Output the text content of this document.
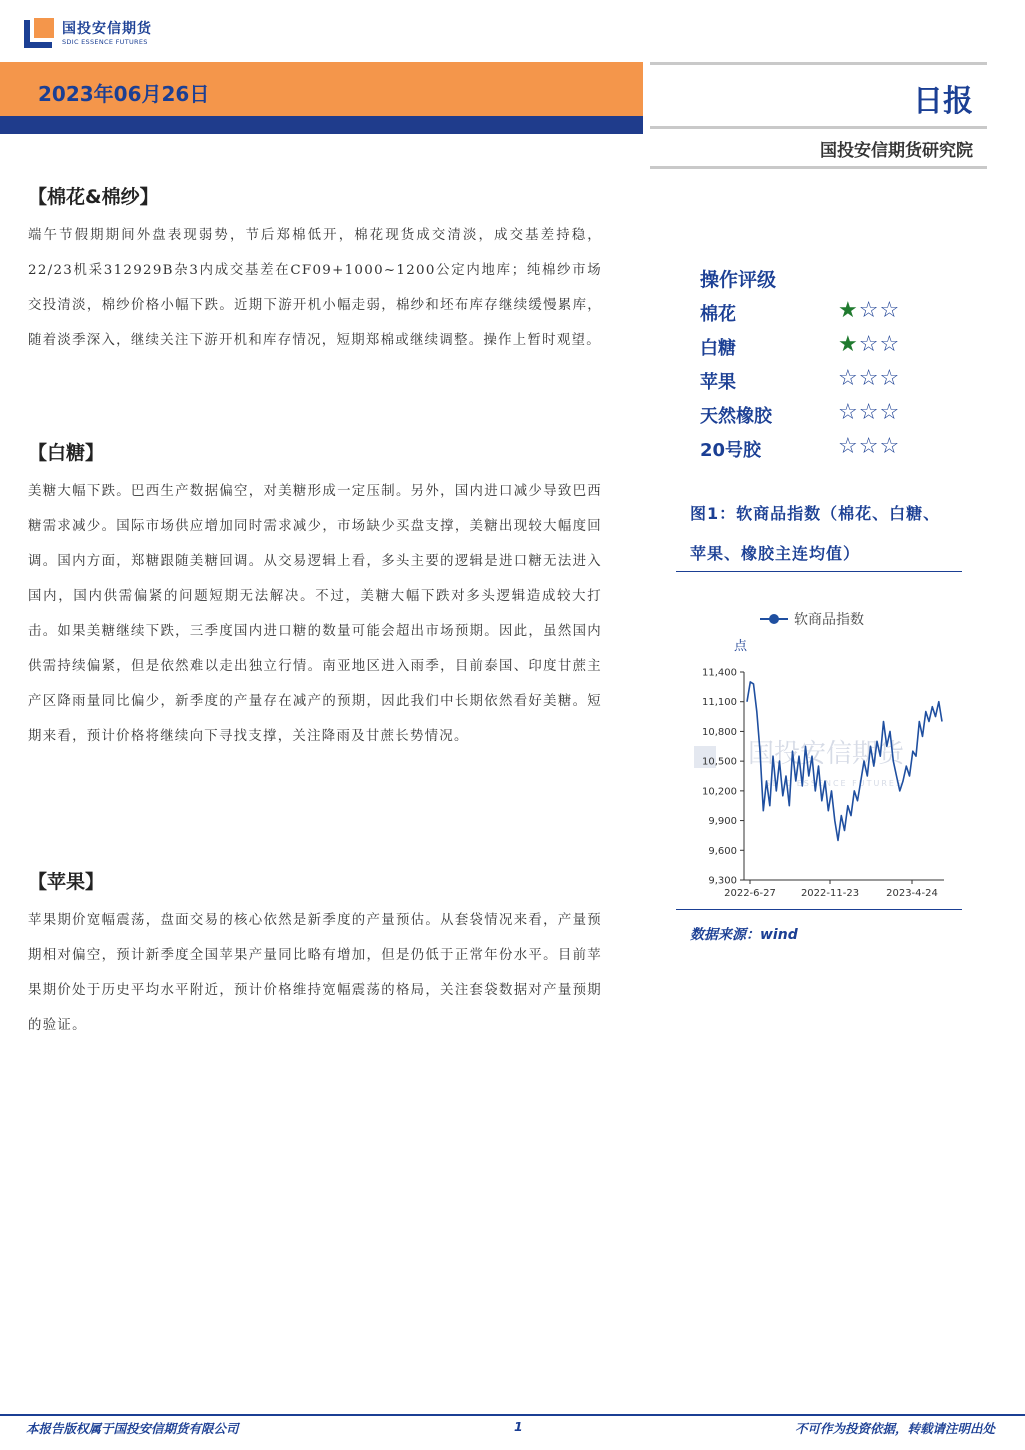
国投安信期货
SDIC ESSENCE FUTURES
2023年06月26日	日报
国投安信期货研究院
【棉花&棉纱】
端午节假期期间外盘表现弱势，节后郑棉低开，棉花现货成交清淡，成交基差持稳，22/23机采312929B杂3内成交基差在CF09+1000~1200公定内地库；纯棉纱市场交投清淡，棉纱价格小幅下跌。近期下游开机小幅走弱，棉纱和坯布库存继续缓慢累库，随着淡季深入，继续关注下游开机和库存情况，短期郑棉或继续调整。操作上暂时观望。
【白糖】
美糖大幅下跌。巴西生产数据偏空，对美糖形成一定压制。另外，国内进口减少导致巴西糖需求减少。国际市场供应增加同时需求减少，市场缺少买盘支撑，美糖出现较大幅度回调。国内方面，郑糖跟随美糖回调。从交易逻辑上看，多头主要的逻辑是进口糖无法进入国内，国内供需偏紧的问题短期无法解决。不过，美糖大幅下跌对多头逻辑造成较大打击。如果美糖继续下跌，三季度国内进口糖的数量可能会超出市场预期。因此，虽然国内供需持续偏紧，但是依然难以走出独立行情。南亚地区进入雨季，目前泰国、印度甘蔗主产区降雨量同比偏少，新季度的产量存在减产的预期，因此我们中长期依然看好美糖。短期来看，预计价格将继续向下寻找支撑，关注降雨及甘蔗长势情况。
【苹果】
苹果期价宽幅震荡，盘面交易的核心依然是新季度的产量预估。从套袋情况来看，产量预期相对偏空，预计新季度全国苹果产量同比略有增加，但是仍低于正常年份水平。目前苹果期价处于历史平均水平附近，预计价格维持宽幅震荡的格局，关注套袋数据对产量预期的验证。
操作评级
棉花	★☆☆
白糖	★☆☆
苹果	☆☆☆
天然橡胶	☆☆☆
20号胶	☆☆☆
图1：软商品指数（棉花、白糖、苹果、橡胶主连均值）
国投安信期货
SDIC ESSENCE FUTURES
软商品指数
点
9,300
9,600
9,900
10,200
10,500
10,800
11,100
11,400
2022-6-27	2022-11-23	2023-4-24
数据来源：wind
本报告版权属于国投安信期货有限公司	1	不可作为投资依据，转载请注明出处
